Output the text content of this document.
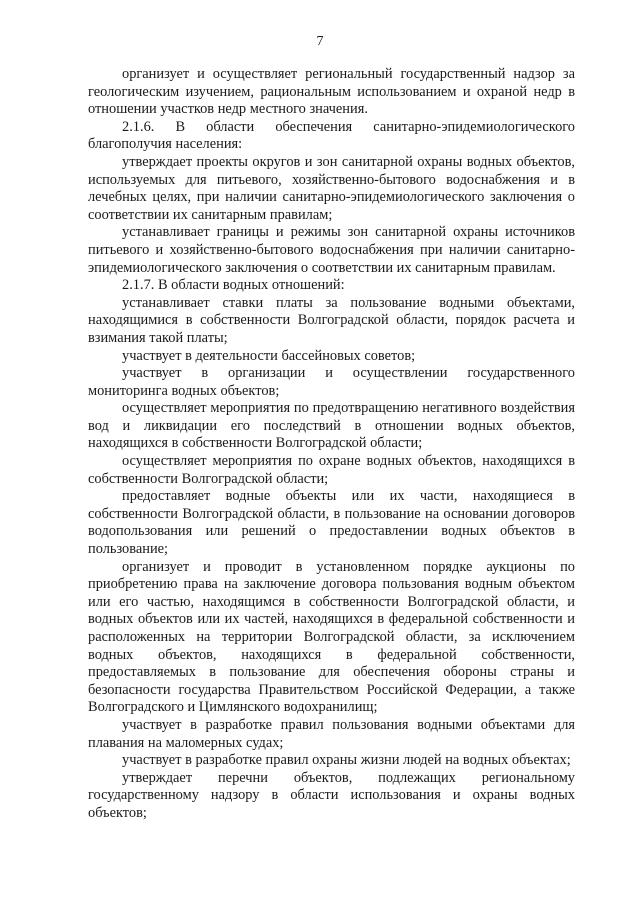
7

организует и осуществляет региональный государственный надзор за геологическим изучением, рациональным использованием и охраной недр в отношении участков недр местного значения.

2.1.6. В области обеспечения санитарно-эпидемиологического благополучия населения:

утверждает проекты округов и зон санитарной охраны водных объектов, используемых для питьевого, хозяйственно-бытового водоснабжения и в лечебных целях, при наличии санитарно-эпидемиологического заключения о соответствии их санитарным правилам;

устанавливает границы и режимы зон санитарной охраны источников питьевого и хозяйственно-бытового водоснабжения при наличии санитарно-эпидемиологического заключения о соответствии их санитарным правилам.

2.1.7. В области водных отношений:

устанавливает ставки платы за пользование водными объектами, находящимися в собственности Волгоградской области, порядок расчета и взимания такой платы;

участвует в деятельности бассейновых советов;

участвует в организации и осуществлении государственного мониторинга водных объектов;

осуществляет мероприятия по предотвращению негативного воздействия вод и ликвидации его последствий в отношении водных объектов, находящихся в собственности Волгоградской области;

осуществляет мероприятия по охране водных объектов, находящихся в собственности Волгоградской области;

предоставляет водные объекты или их части, находящиеся в собственности Волгоградской области, в пользование на основании договоров водопользования или решений о предоставлении водных объектов в пользование;

организует и проводит в установленном порядке аукционы по приобретению права на заключение договора пользования водным объектом или его частью, находящимся в собственности Волгоградской области, и водных объектов или их частей, находящихся в федеральной собственности и расположенных на территории Волгоградской области, за исключением водных объектов, находящихся в федеральной собственности, предоставляемых в пользование для обеспечения обороны страны и безопасности государства Правительством Российской Федерации, а также Волгоградского и Цимлянского водохранилищ;

участвует в разработке правил пользования водными объектами для плавания на маломерных судах;

участвует в разработке правил охраны жизни людей на водных объектах;

утверждает перечни объектов, подлежащих региональному государственному надзору в области использования и охраны водных объектов;
